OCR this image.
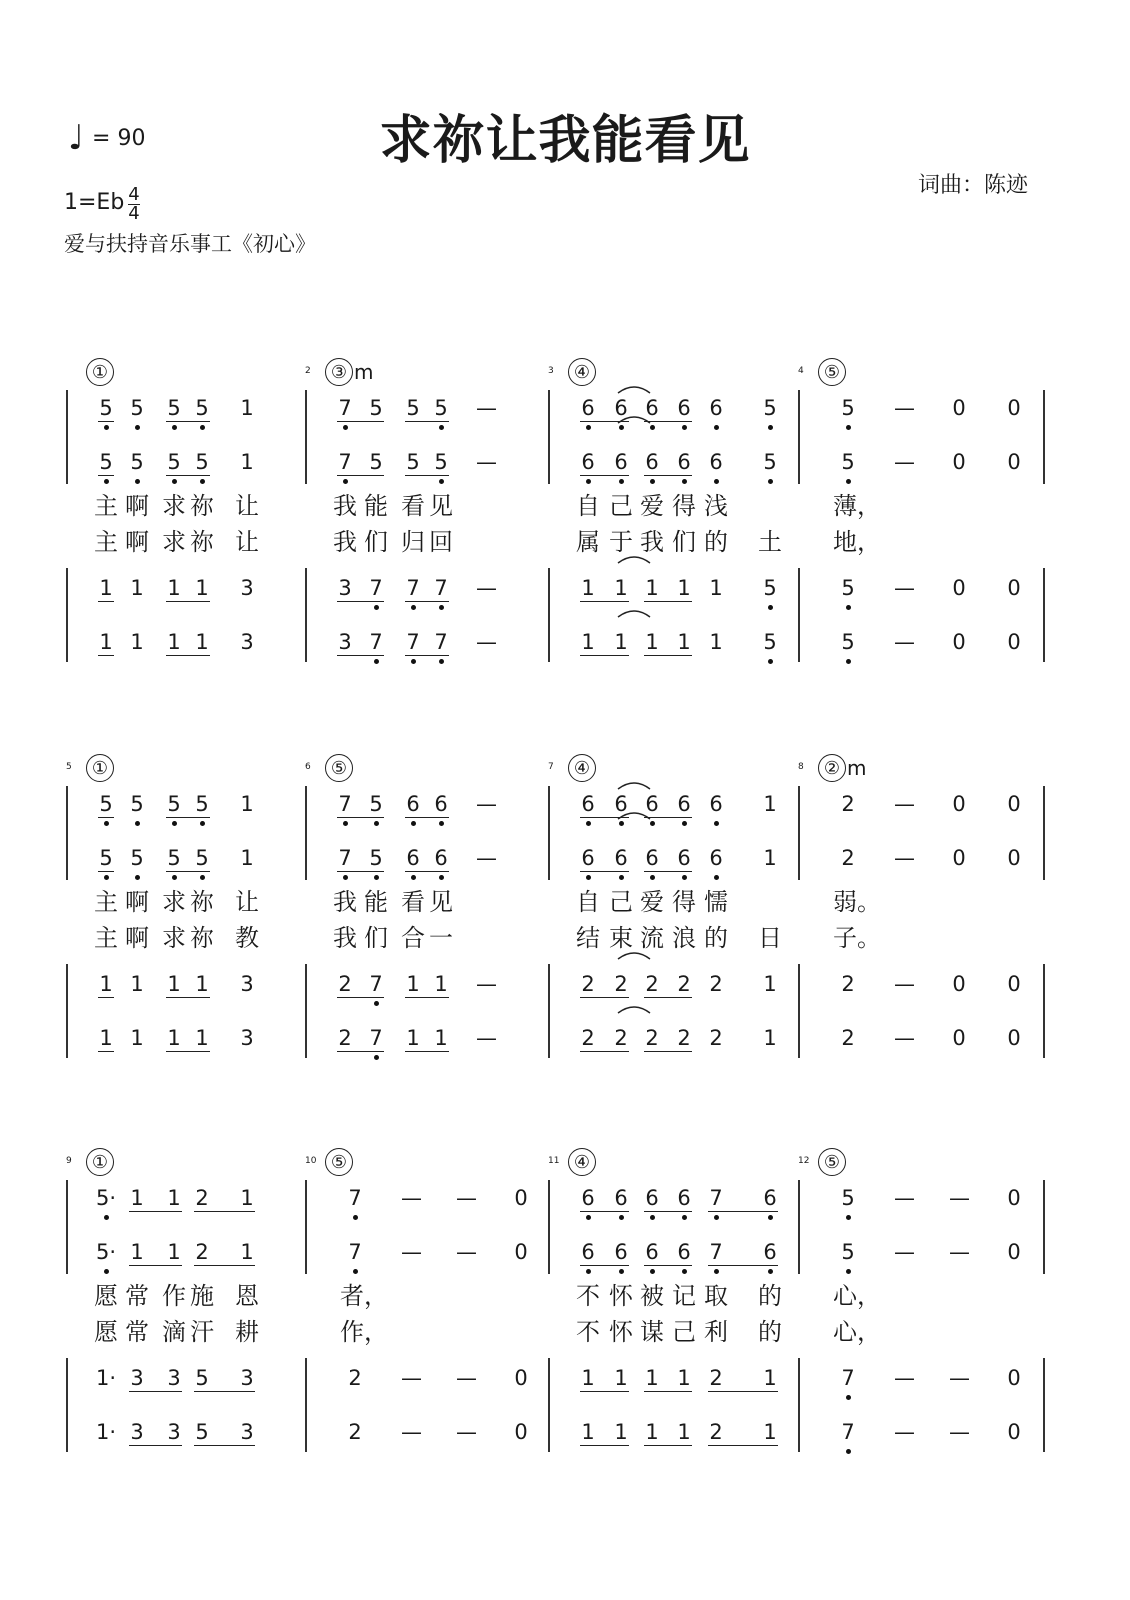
求祢让我能看见
♩ = 90
$1=Eb \frac{4}{4}$
词曲：陈迹
爱与扶持音乐事工《初心》
①
5 5 5 5 1
5 5 5 5 1
1 1 1 1 3
1 1 1 1 3
主 啊 求 祢 让
主 啊 求 祢 让
2	③ m
7 5 5 5 —
7 5 5 5 —
3 7 7 7 —
3 7 7 7 —
我 能 看 见
我 们 归 回
3	④
6 6 6 6 6 5
6 6 6 6 6 5
1 1 1 1 1 5
1 1 1 1 1 5
自 己 爱 得 浅
属 于 我 们 的 土
4	⑤
5 — 0 0
5 — 0 0
5 — 0 0
5 — 0 0
薄，
地，
5	①
5 5 5 5 1
5 5 5 5 1
1 1 1 1 3
1 1 1 1 3
主 啊 求 祢 让
主 啊 求 祢 教
6	⑤
7 5 6 6 —
7 5 6 6 —
2 7 1 1 —
2 7 1 1 —
我 能 看 见
我 们 合 一
7	④
6 6 6 6 6 1
6 6 6 6 6 1
2 2 2 2 2 1
2 2 2 2 2 1
自 己 爱 得 懦
结 束 流 浪 的 日
8	② m
2 — 0 0
2 — 0 0
2 — 0 0
2 — 0 0
弱。
子。
9	①
5· 1 1 2 1
5· 1 1 2 1
1· 3 3 5 3
1· 3 3 5 3
愿 常 作 施 恩
愿 常 滴 汗 耕
10 ⑤
7 — — 0
7 — — 0
2 — — 0
2 — — 0
者，
作，
11 ④
6 6 6 6 7 6
6 6 6 6 7 6
1 1 1 1 2 1
1 1 1 1 2 1
不 怀 被 记 取 的
不 怀 谋 己 利 的
12 ⑤
5 — — 0
5 — — 0
7 — — 0
7 — — 0
心，
心，
